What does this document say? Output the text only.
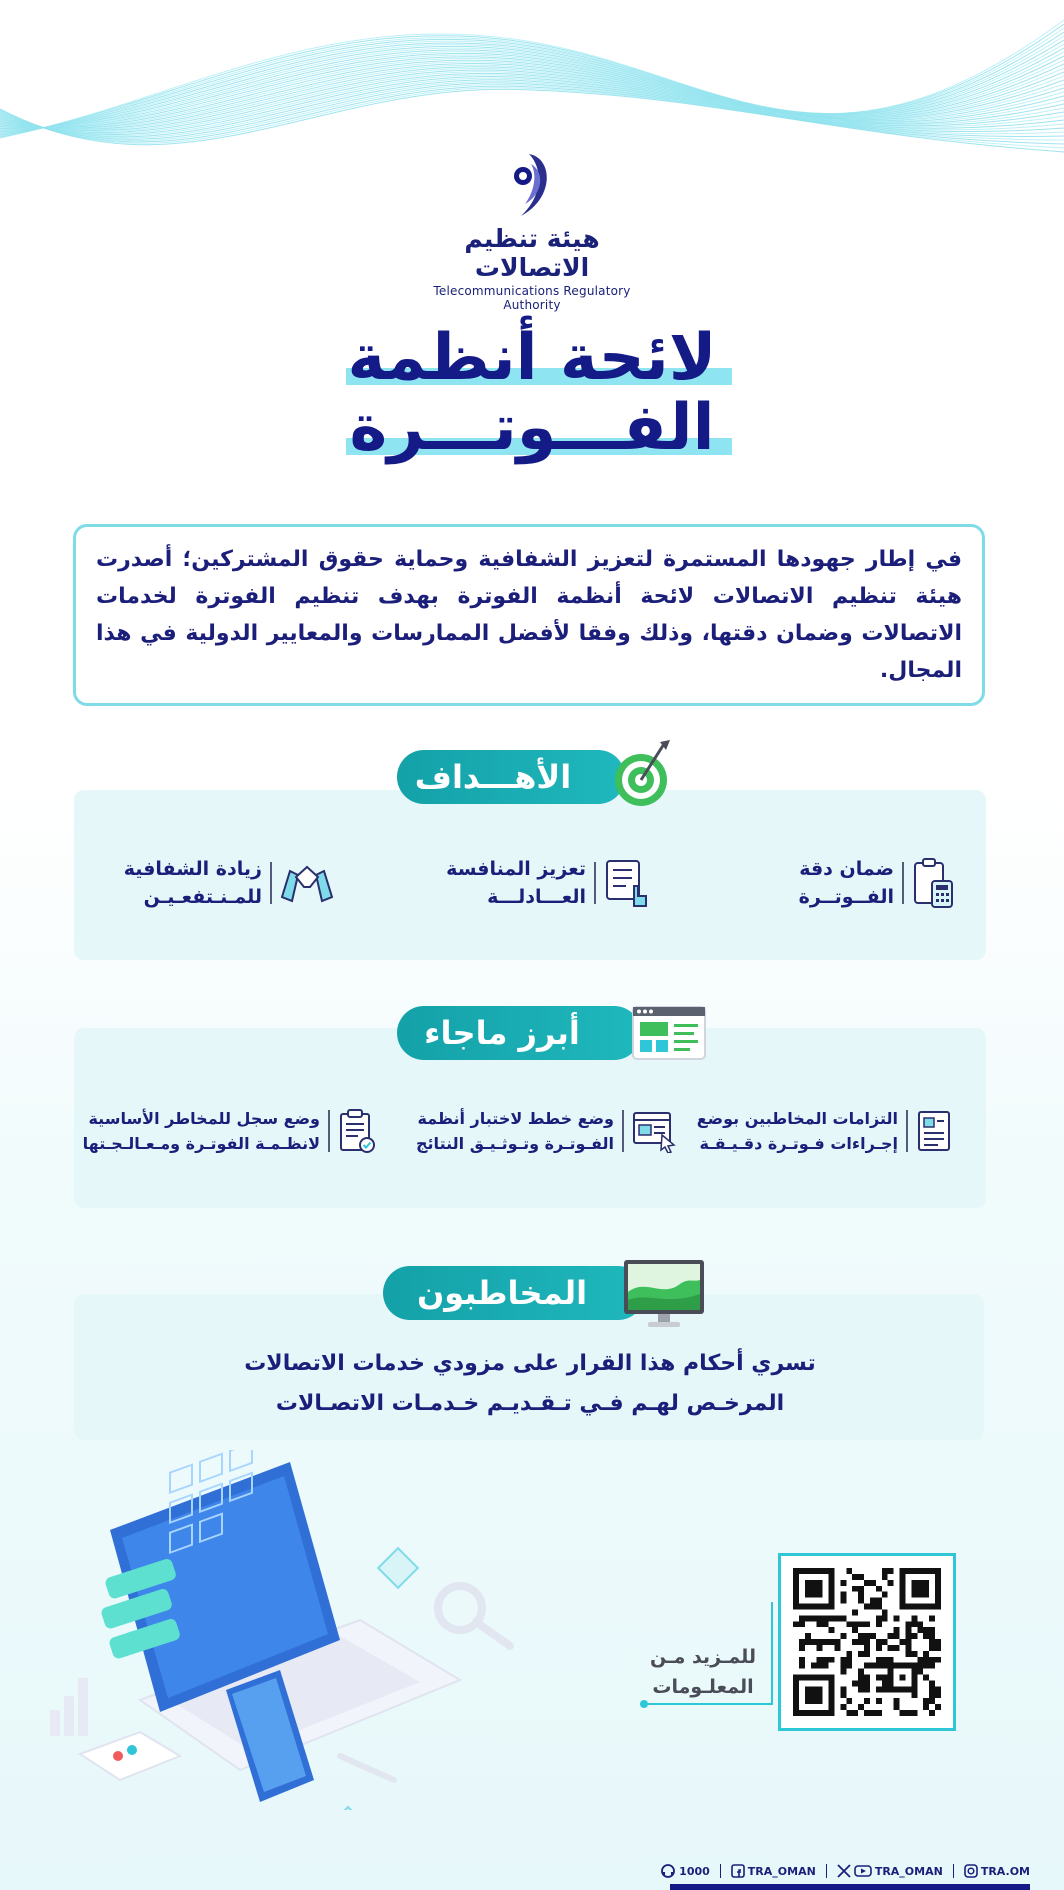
هيئة تنظيم الاتصالات
Telecommunications Regulatory Authority
لائحة أنظمة
الفـــوتـــرة

في إطار جهودها المستمرة لتعزيز الشفافية وحماية حقوق المشتركين؛ أصدرت هيئة تنظيم الاتصالات لائحة أنظمة الفوترة بهدف تنظيم الفوترة لخدمات الاتصالات وضمان دقتها، وذلك وفقا لأفضل الممارسات والمعايير الدولية في هذا المجال.

الأهـــداف
ضمان دقة
الفــوتــرة
تعزيز المنافسة
العـــادلـــة
زيادة الشفافية
للمـنـتفعـيـن
أبرز ماجاء
التزامات المخاطبين بوضع
إجـراءات فـوتـرة دقـيـقـة
وضع خطط لاختبار أنظمة
الفـوتـرة وتـوثـيـق النتائج
وضع سجل للمخاطر الأساسية
لانظـمـة الفوتـرة ومـعـالـجـتها
المخاطبون
تسري أحكام هذا القرار على مزودي خدمات الاتصالات
المرخـص لهـم فـي تـقـديـم خـدمـات الاتصـالات
للمـزيد مـن
المعلـومات
1000	TRA_OMAN	TRA_OMAN	TRA.OM
